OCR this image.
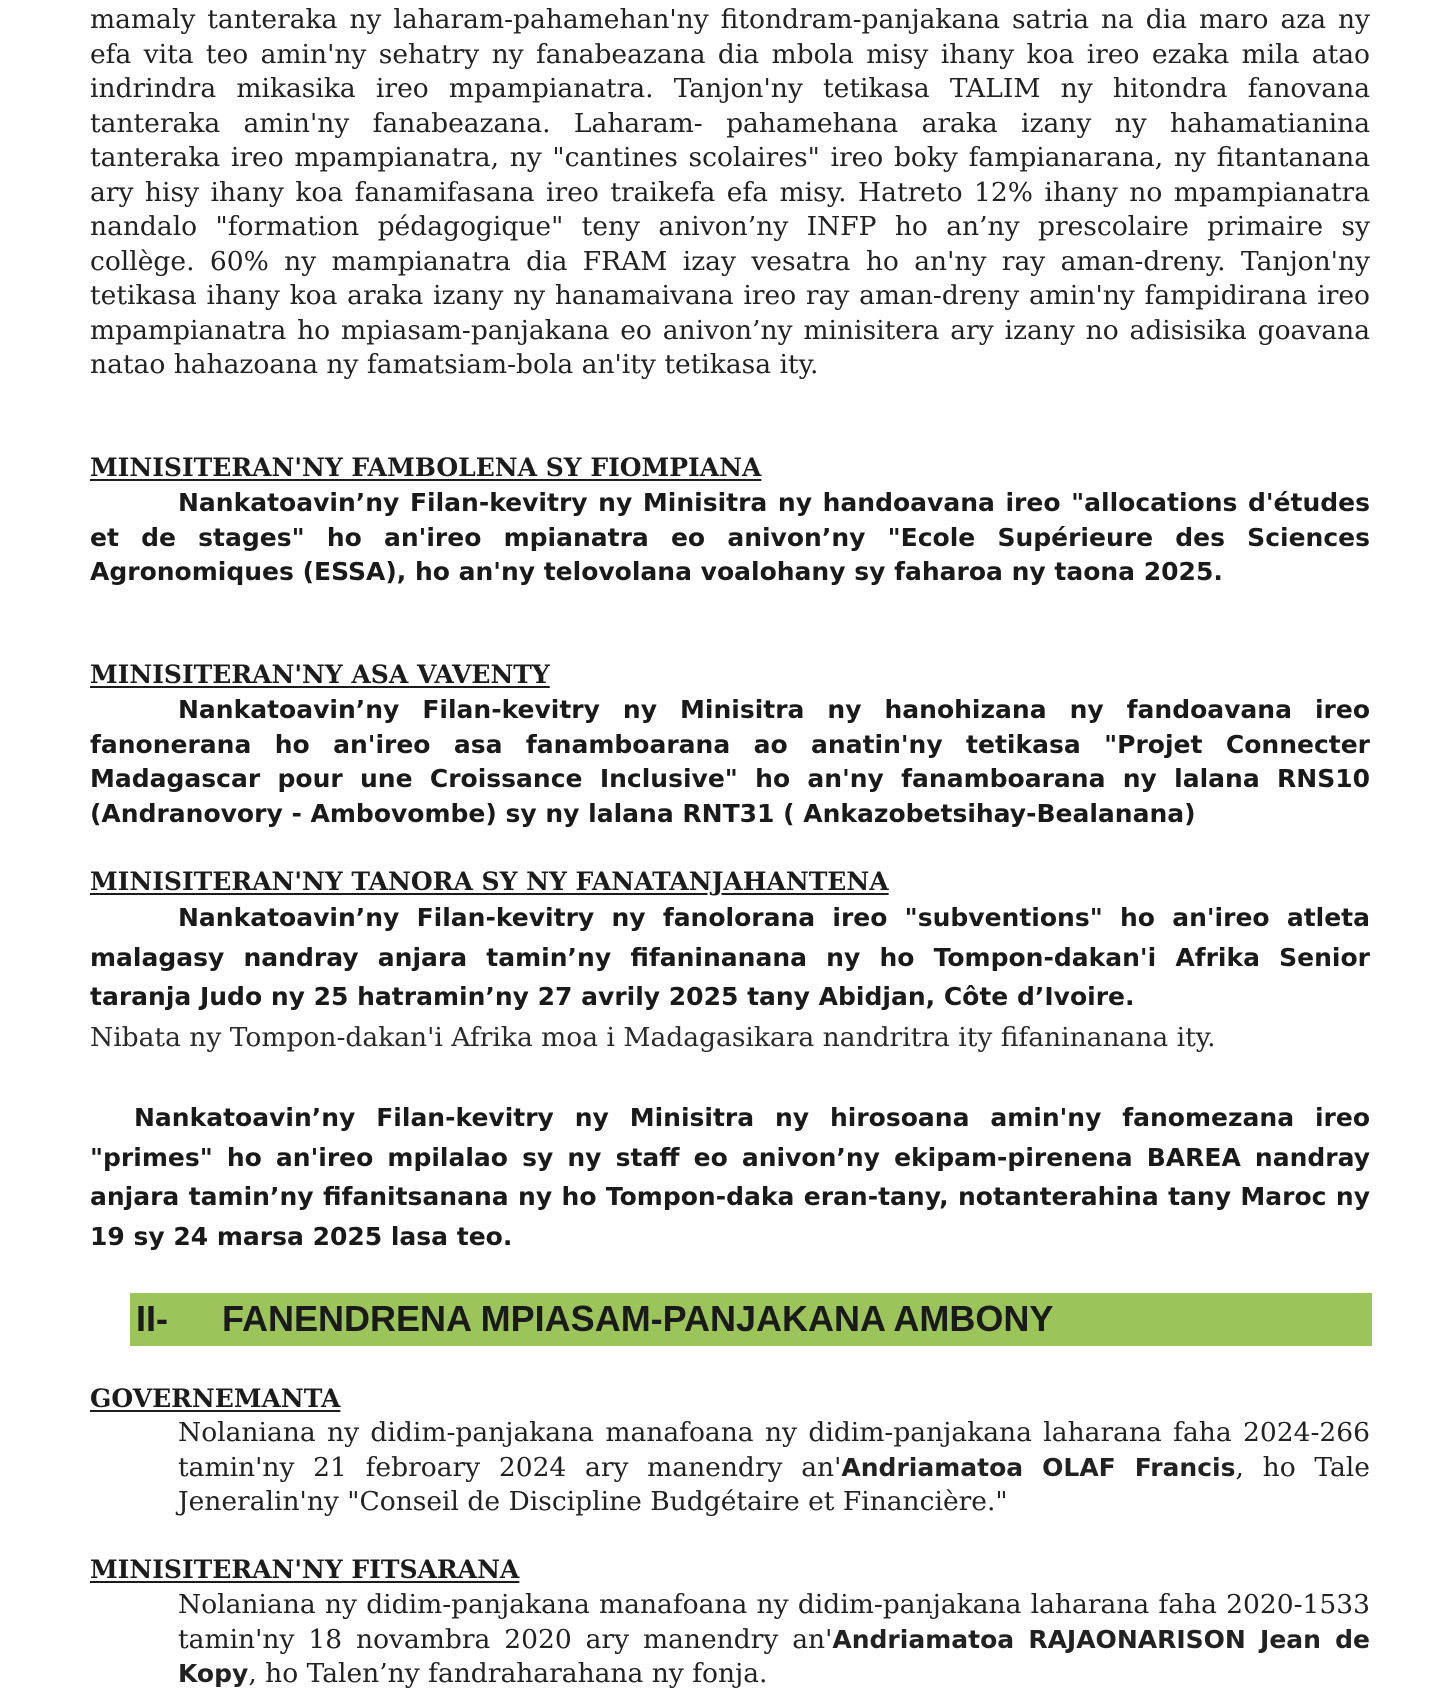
mamaly tanteraka ny laharam-pahamehan'ny fitondram-panjakana satria na dia maro aza ny efa vita teo amin'ny sehatry ny fanabeazana dia mbola misy ihany koa ireo ezaka mila atao indrindra mikasika ireo mpampianatra. Tanjon'ny tetikasa TALIM ny hitondra fanovana tanteraka amin'ny fanabeazana. Laharam- pahamehana araka izany ny hahamatianina tanteraka ireo mpampianatra, ny "cantines scolaires" ireo boky fampianarana, ny fitantanana ary hisy ihany koa fanamifasana ireo traikefa efa misy. Hatreto 12% ihany no mpampianatra nandalo "formation pédagogique" teny anivon’ny INFP ho an’ny prescolaire primaire sy collège. 60% ny mampianatra dia FRAM izay vesatra ho an'ny ray aman-dreny. Tanjon'ny tetikasa ihany koa araka izany ny hanamaivana ireo ray aman-dreny amin'ny fampidirana ireo mpampianatra ho mpiasam-panjakana eo anivon’ny minisitera ary izany no adisisika goavana natao hahazoana ny famatsiam-bola an'ity tetikasa ity.

MINISITERAN'NY FAMBOLENA SY FIOMPIANA

Nankatoavin’ny Filan-kevitry ny Minisitra ny handoavana ireo "allocations d'études et de stages" ho an'ireo mpianatra eo anivon’ny "Ecole Supérieure des Sciences Agronomiques (ESSA), ho an'ny telovolana voalohany sy faharoa ny taona 2025.

MINISITERAN'NY ASA VAVENTY

Nankatoavin’ny Filan-kevitry ny Minisitra ny hanohizana ny fandoavana ireo fanonerana ho an'ireo asa fanamboarana ao anatin'ny tetikasa "Projet Connecter Madagascar pour une Croissance Inclusive" ho an'ny fanamboarana ny lalana RNS10 (Andranovory - Ambovombe) sy ny lalana RNT31 ( Ankazobetsihay-Bealanana)

MINISITERAN'NY TANORA SY NY FANATANJAHANTENA

Nankatoavin’ny Filan-kevitry ny fanolorana ireo "subventions" ho an'ireo atleta malagasy nandray anjara tamin’ny fifaninanana ny ho Tompon-dakan'i Afrika Senior taranja Judo ny 25 hatramin’ny 27 avrily 2025 tany Abidjan, Côte d’Ivoire.

Nibata ny Tompon-dakan'i Afrika moa i Madagasikara nandritra ity fifaninanana ity.

Nankatoavin’ny Filan-kevitry ny Minisitra ny hirosoana amin'ny fanomezana ireo "primes" ho an'ireo mpilalao sy ny staff eo anivon’ny ekipam-pirenena BAREA nandray anjara tamin’ny fifanitsanana ny ho Tompon-daka eran-tany, notanterahina tany Maroc ny 19 sy 24 marsa 2025 lasa teo.

II- FANENDRENA MPIASAM-PANJAKANA AMBONY
GOVERNEMANTA

Nolaniana ny didim-panjakana manafoana ny didim-panjakana laharana faha 2024-266 tamin'ny 21 febroary 2024 ary manendry an'Andriamatoa OLAF Francis, ho Tale Jeneralin'ny "Conseil de Discipline Budgétaire et Financière."

MINISITERAN'NY FITSARANA

Nolaniana ny didim-panjakana manafoana ny didim-panjakana laharana faha 2020-1533 tamin'ny 18 novambra 2020 ary manendry an'Andriamatoa RAJAONARISON Jean de Kopy, ho Talen’ny fandraharahana ny fonja.
